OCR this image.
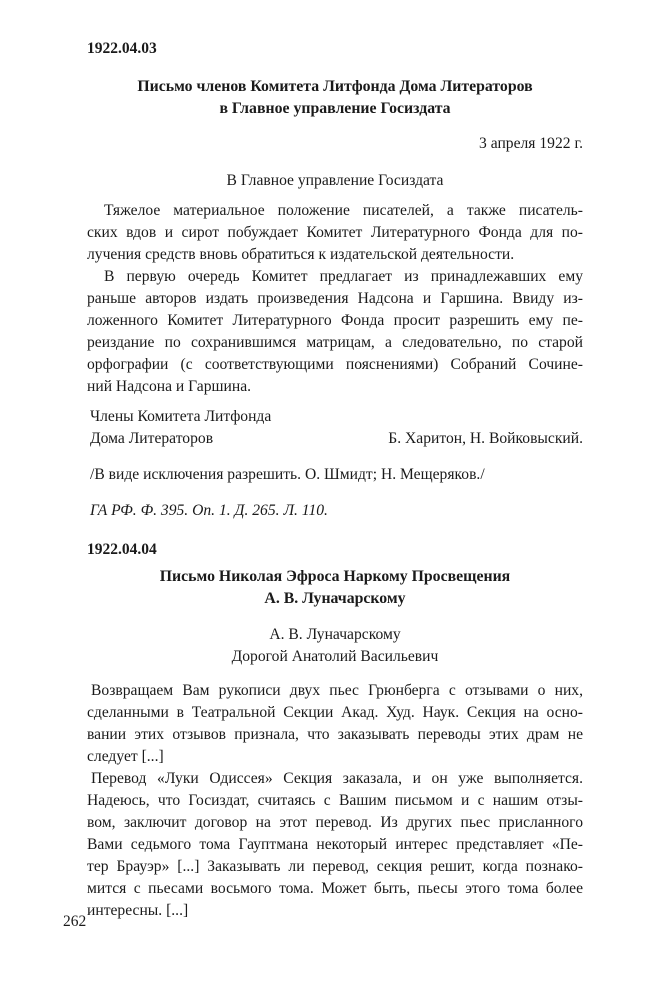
1922.04.03
Письмо членов Комитета Литфонда Дома Литераторов
в Главное управление Госиздата
3 апреля 1922 г.
В Главное управление Госиздата
Тяжелое материальное положение писателей, а также писатель-
ских вдов и сирот побуждает Комитет Литературного Фонда для по-
лучения средств вновь обратиться к издательской деятельности.
В первую очередь Комитет предлагает из принадлежавших ему
раньше авторов издать произведения Надсона и Гаршина. Ввиду из-
ложенного Комитет Литературного Фонда просит разрешить ему пе-
реиздание по сохранившимся матрицам, а следовательно, по старой
орфографии (с соответствующими пояснениями) Собраний Сочине-
ний Надсона и Гаршина.
Члены Комитета Литфонда
Дома Литераторов	Б. Харитон, Н. Войковыский.
/В виде исключения разрешить. О. Шмидт; Н. Мещеряков./
ГА РФ. Ф. 395. Оп. 1. Д. 265. Л. 110.
1922.04.04
Письмо Николая Эфроса Наркому Просвещения
А. В. Луначарскому
А. В. Луначарскому
Дорогой Анатолий Васильевич
Возвращаем Вам рукописи двух пьес Грюнберга с отзывами о них,
сделанными в Театральной Секции Акад. Худ. Наук. Секция на осно-
вании этих отзывов признала, что заказывать переводы этих драм не
следует [...]
Перевод «Луки Одиссея» Секция заказала, и он уже выполняется.
Надеюсь, что Госиздат, считаясь с Вашим письмом и с нашим отзы-
вом, заключит договор на этот перевод. Из других пьес присланного
Вами седьмого тома Гауптмана некоторый интерес представляет «Пе-
тер Брауэр» [...] Заказывать ли перевод, секция решит, когда познако-
мится с пьесами восьмого тома. Может быть, пьесы этого тома более
интересны. [...]
262
